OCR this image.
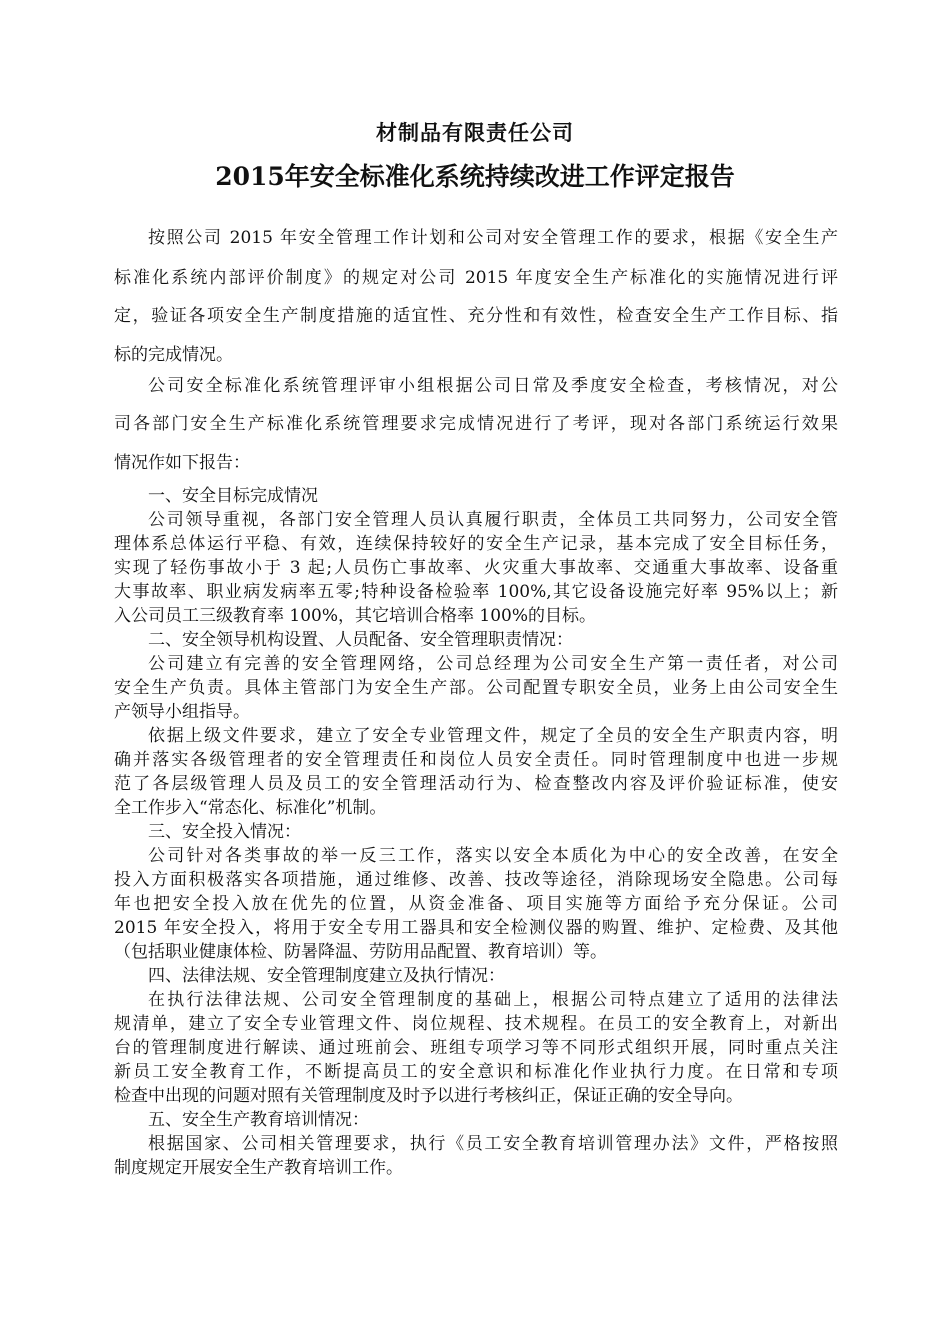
材制品有限责任公司
2015年安全标准化系统持续改进工作评定报告
按照公司 2015 年安全管理工作计划和公司对安全管理工作的要求，根据《安全生产
标准化系统内部评价制度》的规定对公司 2015 年度安全生产标准化的实施情况进行评
定，验证各项安全生产制度措施的适宜性、充分性和有效性，检查安全生产工作目标、指
标的完成情况。
公司安全标准化系统管理评审小组根据公司日常及季度安全检查，考核情况，对公
司各部门安全生产标准化系统管理要求完成情况进行了考评，现对各部门系统运行效果
情况作如下报告：
一、安全目标完成情况
公司领导重视，各部门安全管理人员认真履行职责，全体员工共同努力，公司安全管
理体系总体运行平稳、有效，连续保持较好的安全生产记录，基本完成了安全目标任务，
实现了轻伤事故小于 3 起;人员伤亡事故率、火灾重大事故率、交通重大事故率、设备重
大事故率、职业病发病率五零;特种设备检验率 100%,其它设备设施完好率 95%以上；新
入公司员工三级教育率 100%，其它培训合格率 100%的目标。
二、安全领导机构设置、人员配备、安全管理职责情况：
公司建立有完善的安全管理网络，公司总经理为公司安全生产第一责任者，对公司
安全生产负责。具体主管部门为安全生产部。公司配置专职安全员，业务上由公司安全生
产领导小组指导。
依据上级文件要求，建立了安全专业管理文件，规定了全员的安全生产职责内容，明
确并落实各级管理者的安全管理责任和岗位人员安全责任。同时管理制度中也进一步规
范了各层级管理人员及员工的安全管理活动行为、检查整改内容及评价验证标准，使安
全工作步入“常态化、标准化”机制。
三、安全投入情况：
公司针对各类事故的举一反三工作，落实以安全本质化为中心的安全改善，在安全
投入方面积极落实各项措施，通过维修、改善、技改等途径，消除现场安全隐患。公司每
年也把安全投入放在优先的位置，从资金准备、项目实施等方面给予充分保证。公司
2015 年安全投入，将用于安全专用工器具和安全检测仪器的购置、维护、定检费、及其他
（包括职业健康体检、防暑降温、劳防用品配置、教育培训）等。
四、法律法规、安全管理制度建立及执行情况：
在执行法律法规、公司安全管理制度的基础上，根据公司特点建立了适用的法律法
规清单，建立了安全专业管理文件、岗位规程、技术规程。在员工的安全教育上，对新出
台的管理制度进行解读、通过班前会、班组专项学习等不同形式组织开展，同时重点关注
新员工安全教育工作，不断提高员工的安全意识和标准化作业执行力度。在日常和专项
检查中出现的问题对照有关管理制度及时予以进行考核纠正，保证正确的安全导向。
五、安全生产教育培训情况：
根据国家、公司相关管理要求，执行《员工安全教育培训管理办法》文件，严格按照
制度规定开展安全生产教育培训工作。
